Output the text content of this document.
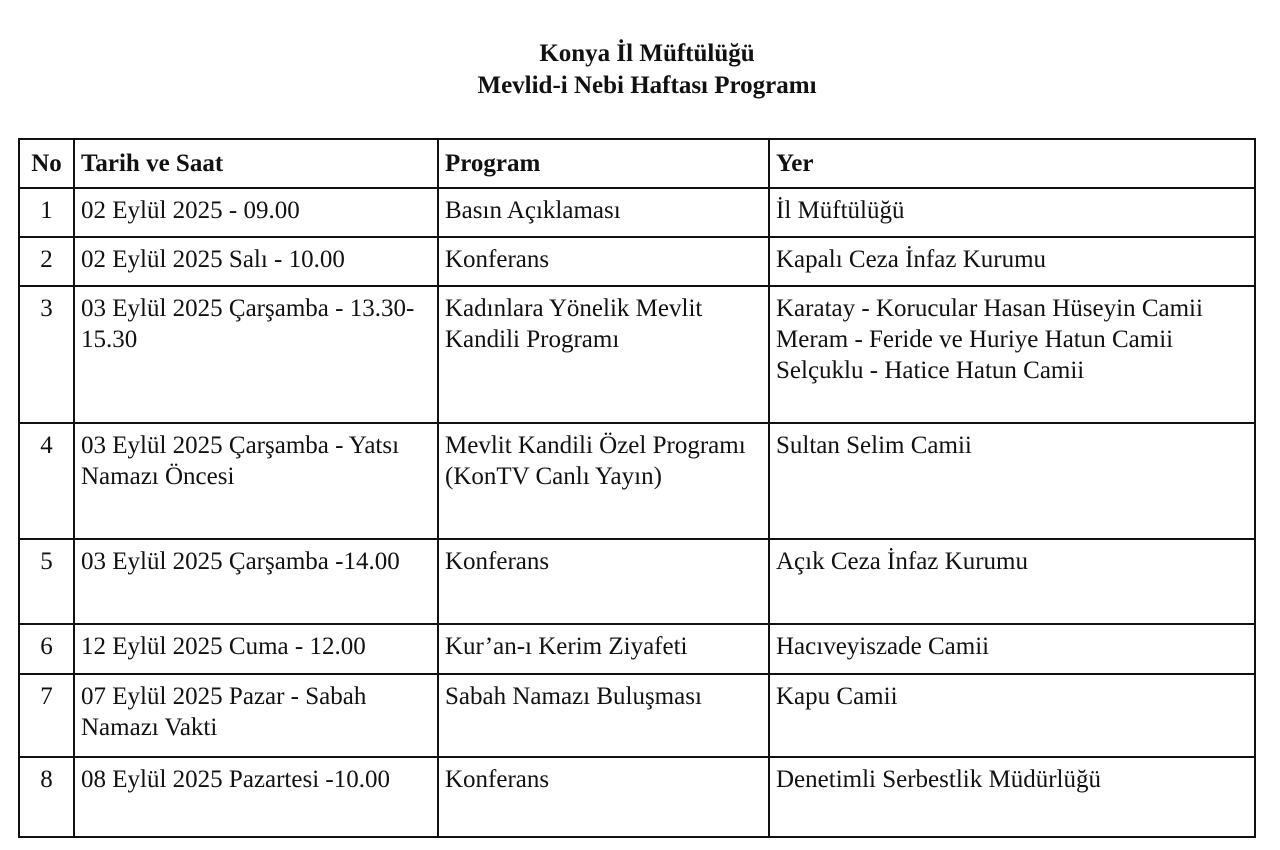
Konya İl Müftülüğü
Mevlid-i Nebi Haftası Programı
No	Tarih ve Saat	Program	Yer
1	02 Eylül 2025 - 09.00	Basın Açıklaması	İl Müftülüğü

2	02 Eylül 2025 Salı - 10.00	Konferans	Kapalı Ceza İnfaz Kurumu

3	03 Eylül 2025 Çarşamba - 13.30-15.30	Kadınlara Yönelik Mevlit Kandili Programı	Karatay - Korucular Hasan Hüseyin Camii
Meram - Feride ve Huriye Hatun Camii
Selçuklu - Hatice Hatun Camii

4	03 Eylül 2025 Çarşamba - Yatsı Namazı Öncesi	Mevlit Kandili Özel Programı (KonTV Canlı Yayın)	Sultan Selim Camii

5	03 Eylül 2025 Çarşamba -14.00	Konferans	Açık Ceza İnfaz Kurumu

6	12 Eylül 2025 Cuma - 12.00	Kur’an-ı Kerim Ziyafeti	Hacıveyiszade Camii

7	07 Eylül 2025 Pazar - Sabah Namazı Vakti	Sabah Namazı Buluşması	Kapu Camii

8	08 Eylül 2025 Pazartesi -10.00	Konferans	Denetimli Serbestlik Müdürlüğü
